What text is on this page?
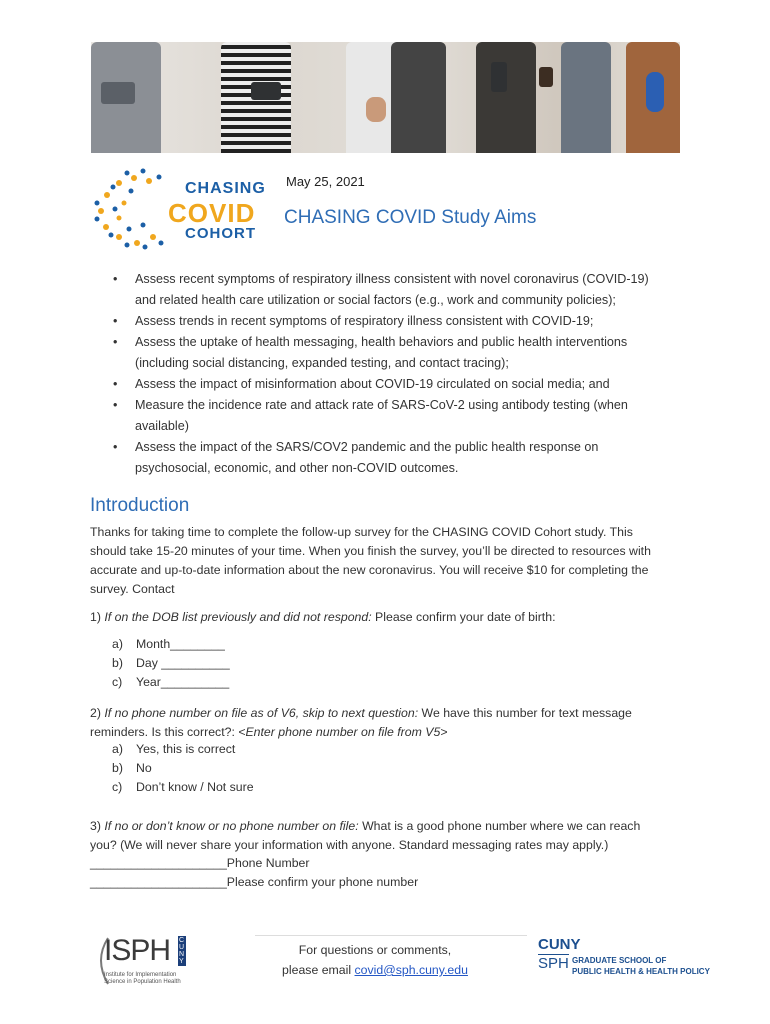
CHASING
COVID
COHORT
May 25, 2021
CHASING COVID Study Aims
•	Assess recent symptoms of respiratory illness consistent with novel coronavirus (COVID-19)
and related health care utilization or social factors (e.g., work and community policies);
•	Assess trends in recent symptoms of respiratory illness consistent with COVID-19;
•	Assess the uptake of health messaging, health behaviors and public health interventions
(including social distancing, expanded testing, and contact tracing);
•	Assess the impact of misinformation about COVID-19 circulated on social media; and
•	Measure the incidence rate and attack rate of SARS-CoV-2 using antibody testing (when
available)
•	Assess the impact of the SARS/COV2 pandemic and the public health response on
psychosocial, economic, and other non-COVID outcomes.
Introduction
Thanks for taking time to complete the follow-up survey for the CHASING COVID Cohort study. This
should take 15-20 minutes of your time. When you finish the survey, you’ll be directed to resources with
accurate and up-to-date information about the new coronavirus. You will receive $10 for completing the
survey. Contact
1) If on the DOB list previously and did not respond: Please confirm your date of birth:
a) Month________
b) Day __________
c) Year__________
2) If no phone number on file as of V6, skip to next question: We have this number for text message
reminders. Is this correct?: <Enter phone number on file from V5>
a) Yes, this is correct
b) No
c) Don’t know / Not sure
3) If no or don’t know or no phone number on file: What is a good phone number where we can reach
you? (We will never share your information with anyone. Standard messaging rates may apply.)
____________________Phone Number
____________________Please confirm your phone number
For questions or comments,
please email covid@sph.cuny.edu
ISPH CUNY
Institute for Implementation
Science in Population Health
CUNY
SPH GRADUATE SCHOOL OF
PUBLIC HEALTH & HEALTH POLICY
